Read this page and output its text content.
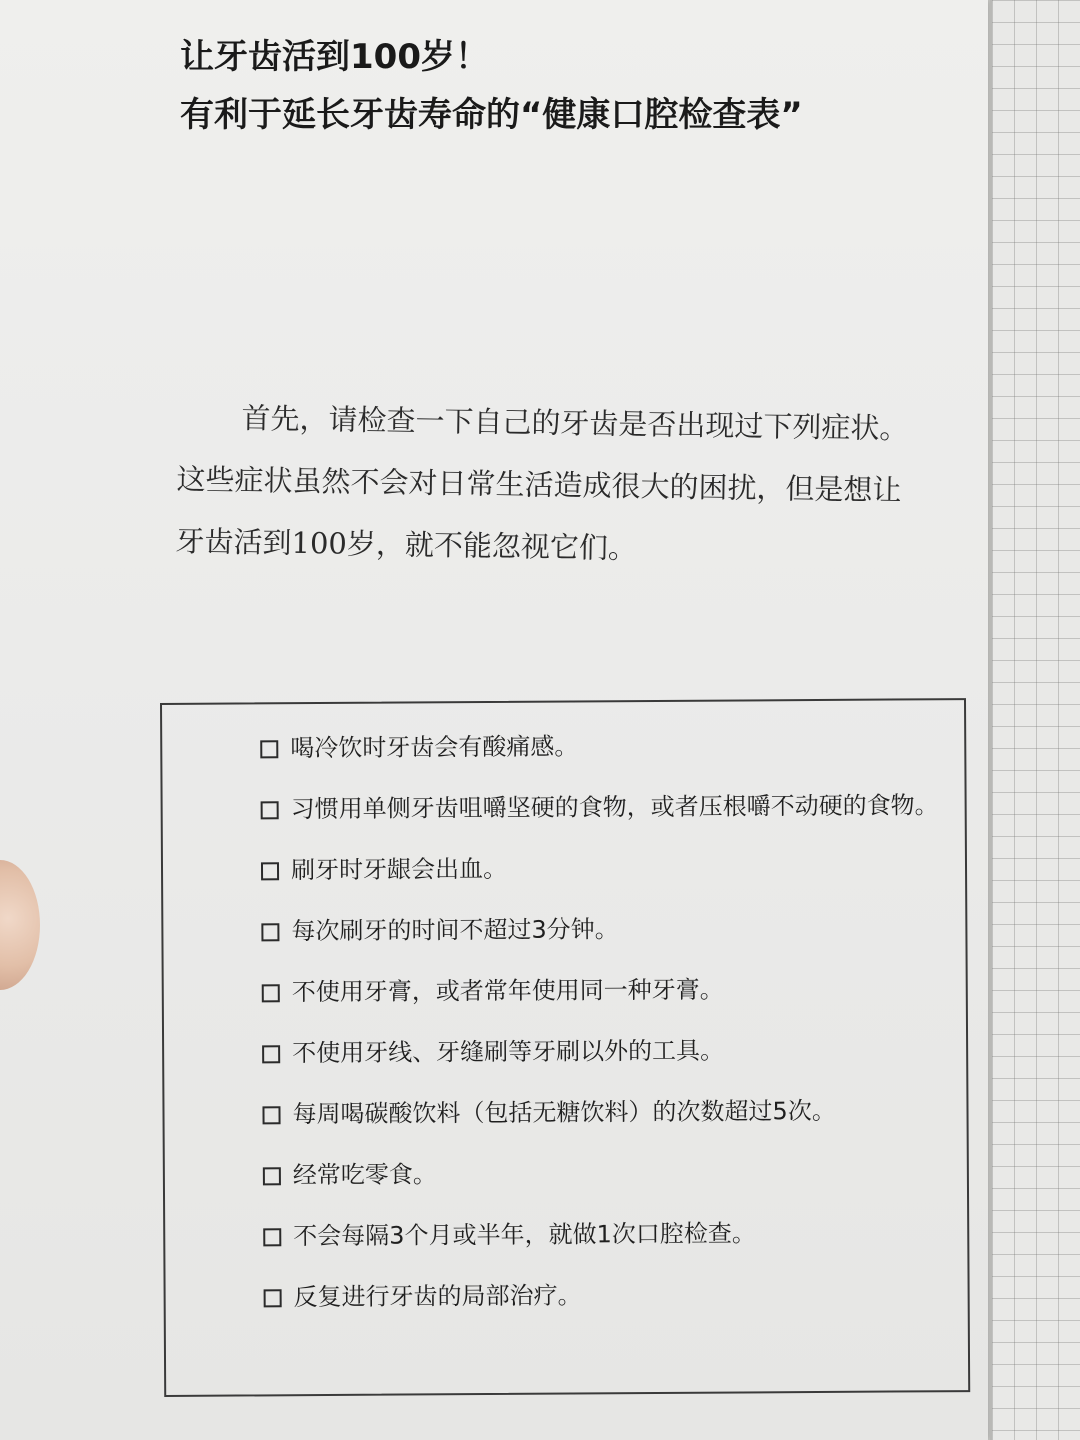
让牙齿活到100岁！
有利于延长牙齿寿命的“健康口腔检查表”

首先，请检查一下自己的牙齿是否出现过下列症状。
这些症状虽然不会对日常生活造成很大的困扰，但是想让
牙齿活到100岁，就不能忽视它们。

喝冷饮时牙齿会有酸痛感。
习惯用单侧牙齿咀嚼坚硬的食物，或者压根嚼不动硬的食物。
刷牙时牙龈会出血。
每次刷牙的时间不超过3分钟。
不使用牙膏，或者常年使用同一种牙膏。
不使用牙线、牙缝刷等牙刷以外的工具。
每周喝碳酸饮料（包括无糖饮料）的次数超过5次。
经常吃零食。
不会每隔3个月或半年，就做1次口腔检查。
反复进行牙齿的局部治疗。
